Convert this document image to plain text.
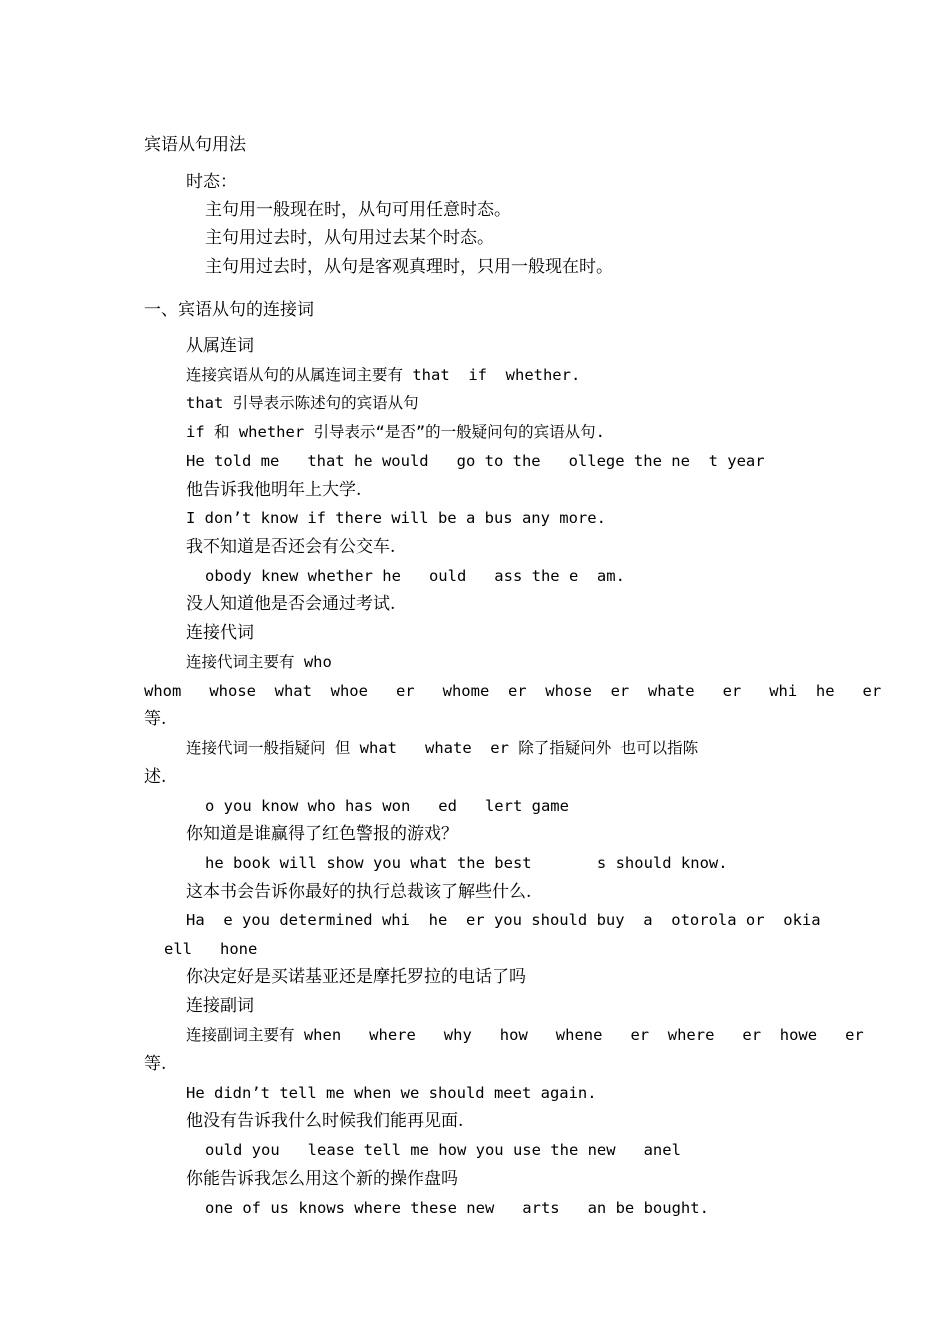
宾语从句用法
时态：
主句用一般现在时，从句可用任意时态。
主句用过去时，从句用过去某个时态。
主句用过去时，从句是客观真理时，只用一般现在时。
一、宾语从句的连接词
从属连词
连接宾语从句的从属连词主要有 that  if  whether.
that 引导表示陈述句的宾语从句
if 和 whether 引导表示“是否”的一般疑问句的宾语从句.
He told me   that he would   go to the   ollege the ne  t year
他告诉我他明年上大学.
I don’t know if there will be a bus any more.
我不知道是否还会有公交车.
obody knew whether he   ould   ass the e  am.
没人知道他是否会通过考试.
连接代词
连接代词主要有 who
whom   whose  what  whoe   er   whome  er  whose  er  whate   er   whi  he   er
等.
连接代词一般指疑问 但 what   whate  er 除了指疑问外 也可以指陈
述.
o you know who has won   ed   lert game
你知道是谁赢得了红色警报的游戏？
he book will show you what the best       s should know.
这本书会告诉你最好的执行总裁该了解些什么.
Ha  e you determined whi  he  er you should buy  a  otorola or  okia
ell   hone
你决定好是买诺基亚还是摩托罗拉的电话了吗
连接副词
连接副词主要有 when   where   why   how   whene   er  where   er  howe   er
等.
He didn’t tell me when we should meet again.
他没有告诉我什么时候我们能再见面.
ould you   lease tell me how you use the new   anel
你能告诉我怎么用这个新的操作盘吗
one of us knows where these new   arts   an be bought.
